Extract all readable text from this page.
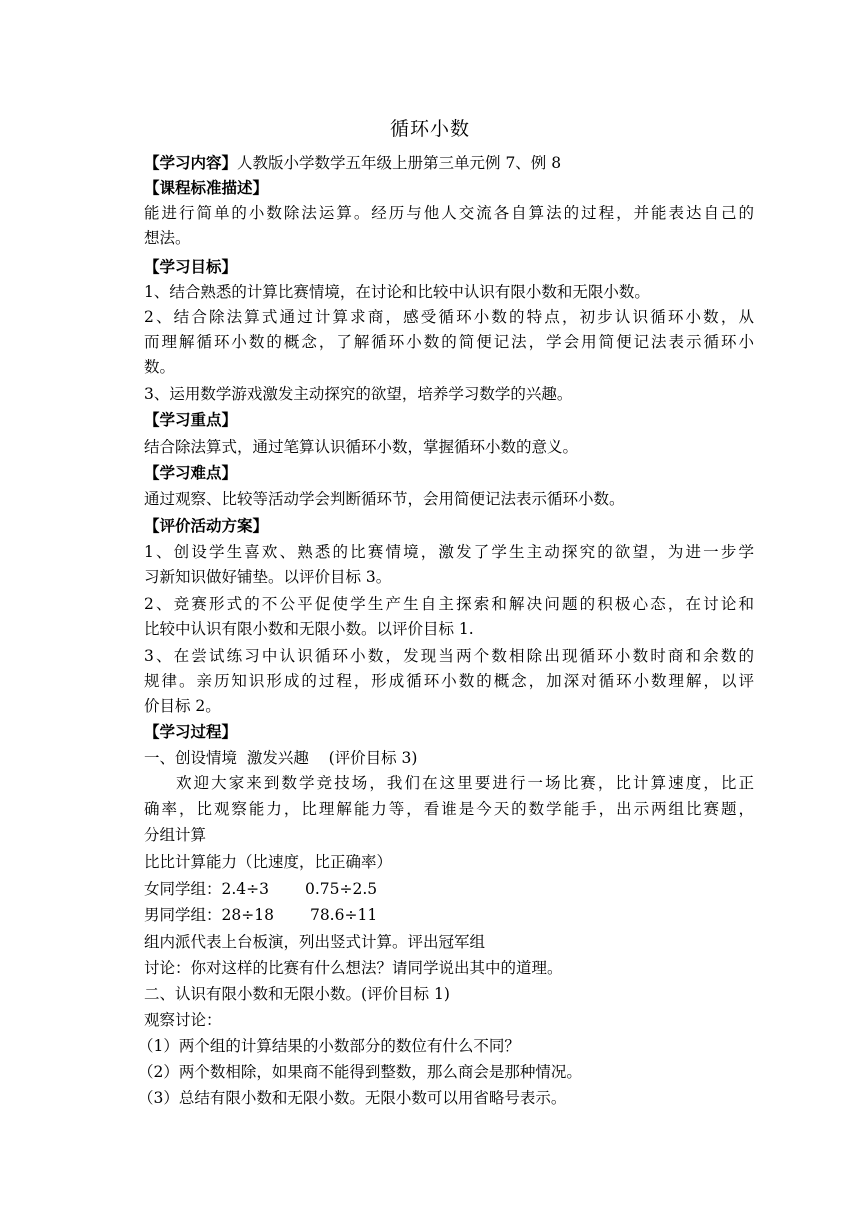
循环小数
【学习内容】人教版小学数学五年级上册第三单元例 7、例 8
【课程标准描述】
能进行简单的小数除法运算。经历与他人交流各自算法的过程，并能表达自己的
想法。
【学习目标】
1、结合熟悉的计算比赛情境，在讨论和比较中认识有限小数和无限小数。
2、结合除法算式通过计算求商，感受循环小数的特点，初步认识循环小数，从
而理解循环小数的概念，了解循环小数的简便记法，学会用简便记法表示循环小
数。
3、运用数学游戏激发主动探究的欲望，培养学习数学的兴趣。
【学习重点】
结合除法算式，通过笔算认识循环小数，掌握循环小数的意义。
【学习难点】
通过观察、比较等活动学会判断循环节，会用简便记法表示循环小数。
【评价活动方案】
1、创设学生喜欢、熟悉的比赛情境，激发了学生主动探究的欲望，为进一步学
习新知识做好铺垫。以评价目标 3。
2、竞赛形式的不公平促使学生产生自主探索和解决问题的积极心态，在讨论和
比较中认识有限小数和无限小数。以评价目标 1.
3、在尝试练习中认识循环小数，发现当两个数相除出现循环小数时商和余数的
规律。亲历知识形成的过程，形成循环小数的概念，加深对循环小数理解，以评
价目标 2。
【学习过程】
一、创设情境  激发兴趣    (评价目标 3)
欢迎大家来到数学竞技场，我们在这里要进行一场比赛，比计算速度，比正
确率，比观察能力，比理解能力等，看谁是今天的数学能手，出示两组比赛题，
分组计算
比比计算能力（比速度，比正确率）
女同学组：2.4÷3 0.75÷2.5
男同学组：28÷18 78.6÷11
组内派代表上台板演，列出竖式计算。评出冠军组
讨论：你对这样的比赛有什么想法？请同学说出其中的道理。
二、认识有限小数和无限小数。(评价目标 1)
观察讨论：
（1）两个组的计算结果的小数部分的数位有什么不同？
（2）两个数相除，如果商不能得到整数，那么商会是那种情况。
（3）总结有限小数和无限小数。无限小数可以用省略号表示。
